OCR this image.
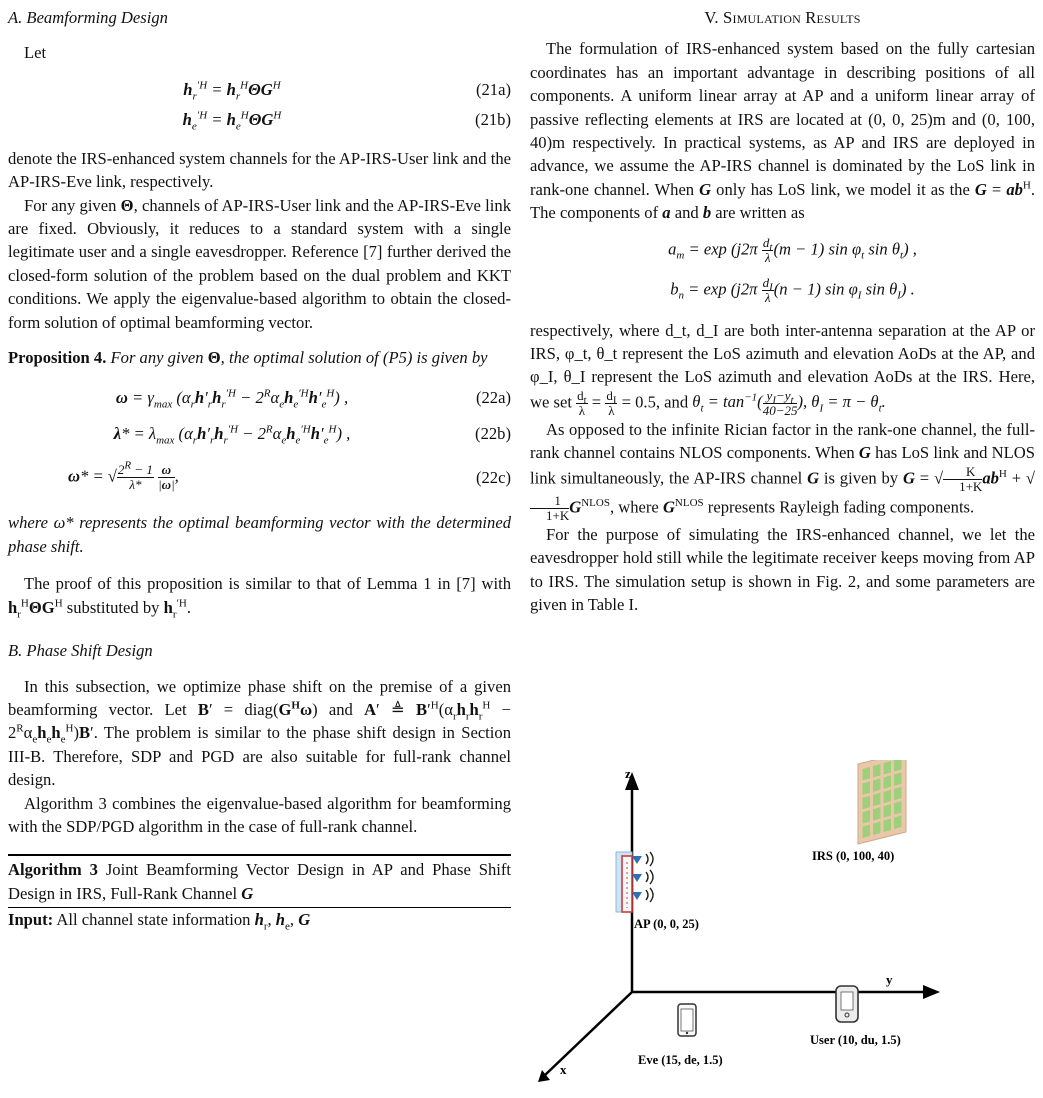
A. Beamforming Design

Let

$h_r^{'H} = h_r^H\Theta G^H$	(21a)
$h_e^{'H} = h_e^H\Theta G^H$	(21b)

denote the IRS-enhanced system channels for the AP-IRS-User link and the AP-IRS-Eve link, respectively.

For any given Θ, channels of AP-IRS-User link and the AP-IRS-Eve link are fixed. Obviously, it reduces to a standard system with a single legitimate user and a single eavesdropper. Reference [7] further derived the closed-form solution of the problem based on the dual problem and KKT conditions. We apply the eigenvalue-based algorithm to obtain the closed-form solution of optimal beamforming vector.

Proposition 4. For any given Θ, the optimal solution of (P5) is given by

$\omega = \gamma_{max}$ $(\alpha_rh'_rh_r^{'H} - 2^R\alpha_eh_e^{'H}h'_e^H)$ ,	(22a)
$\lambda* = \lambda_{max}$ $(\alpha_rh'_rh_r^{'H} - 2^R\alpha_eh_e^{'H}h'_e^H)$ ,	(22b)
ω* = √ $\frac{2^R - 1}{\lambda*}$
$\frac{\omega}{|\omega|}$ ,	(22c)

where ω* represents the optimal beamforming vector with the determined phase shift.

The proof of this proposition is similar to that of Lemma 1 in [7] with $h_r^H\Theta G^H$ substituted by $h_r^{'H}$.

B. Phase Shift Design

In this subsection, we optimize phase shift on the premise of a given beamforming vector. Let $B' = diag(G^H\omega)$ and A′ ≜ $B'^H(\alpha_rh_rh_r^H - 2^R\alpha_eh_eh_e^H)B'$. The problem is similar to the phase shift design in Section III-B. Therefore, SDP and PGD are also suitable for full-rank channel design.

Algorithm 3 combines the eigenvalue-based algorithm for beamforming with the SDP/PGD algorithm in the case of full-rank channel.

Algorithm 3 Joint Beamforming Vector Design in AP and Phase Shift Design in IRS, Full-Rank Channel G
Input: All channel state information $h_r$, $h_e$, G

V. Simulation Results

The formulation of IRS-enhanced system based on the fully cartesian coordinates has an important advantage in describing positions of all components. A uniform linear array at AP and a uniform linear array of passive reflecting elements at IRS are located at (0, 0, 25)m and (0, 100, 40)m respectively. In practical systems, as AP and IRS are deployed in advance, we assume the AP-IRS channel is dominated by the LoS link in rank-one channel. When G only has LoS link, we model it as the $G = ab^H$. The components of a and b are written as

$a_m = \exp (j2\pi \frac{d_t}{\lambda} (m - 1)$ $\sin \varphi_t$ $\sin \theta_t$) ,
$b_n = \exp (j2\pi \frac{d_I}{\lambda} (n - 1)$ $\sin \varphi_I$ $\sin \theta_I$) .

respectively, where d_t, d_I are both inter-antenna separation at the AP or IRS, φ_t, θ_t represent the LoS azimuth and elevation AoDs at the AP, and φ_I, θ_I represent the LoS azimuth and elevation AoDs at the IRS. Here, we set $\frac{d_t}{\lambda} = \frac{d_I}{\lambda} = 0.5$, and $\theta_t = \tan^{-1}( \frac{y_I-y_t}{40-25}$ ), $\theta_I = \pi - \theta_t$.

As opposed to the infinite Rician factor in the rank-one channel, the full-rank channel contains NLOS components. When G has LoS link and NLOS link simultaneously, the AP-IRS channel G is given by G = √ $\frac{K}{1+K} ab^H$ + √
$\frac{1}{1+K} G^{NLOS}$, where $G^{NLOS}$ represents Rayleigh fading components.

For the purpose of simulating the IRS-enhanced channel, we let the eavesdropper hold still while the legitimate receiver keeps moving from AP to IRS. The simulation setup is shown in Fig. 2, and some parameters are given in Table I.

z
y
x
IRS (0, 100, 40)
AP (0, 0, 25)
Eve (15, de, 1.5)
User (10, du, 1.5)
